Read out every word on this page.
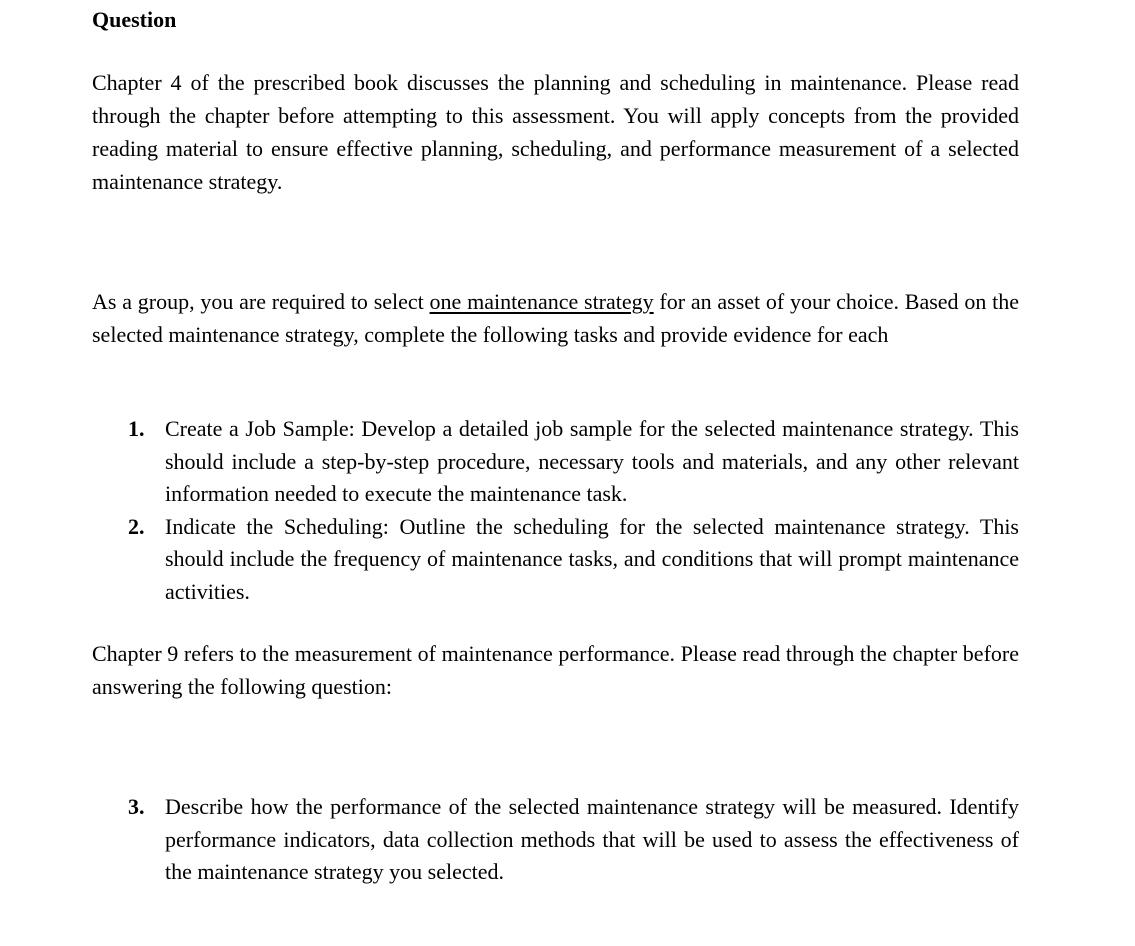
Question
Chapter 4 of the prescribed book discusses the planning and scheduling in maintenance. Please read through the chapter before attempting to this assessment. You will apply concepts from the provided reading material to ensure effective planning, scheduling, and performance measurement of a selected maintenance strategy.
As a group, you are required to select one maintenance strategy for an asset of your choice. Based on the selected maintenance strategy, complete the following tasks and provide evidence for each
1. Create a Job Sample: Develop a detailed job sample for the selected maintenance strategy. This should include a step-by-step procedure, necessary tools and materials, and any other relevant information needed to execute the maintenance task.
2. Indicate the Scheduling: Outline the scheduling for the selected maintenance strategy. This should include the frequency of maintenance tasks, and conditions that will prompt maintenance activities.
Chapter 9 refers to the measurement of maintenance performance. Please read through the chapter before answering the following question:
3. Describe how the performance of the selected maintenance strategy will be measured. Identify performance indicators, data collection methods that will be used to assess the effectiveness of the maintenance strategy you selected.
